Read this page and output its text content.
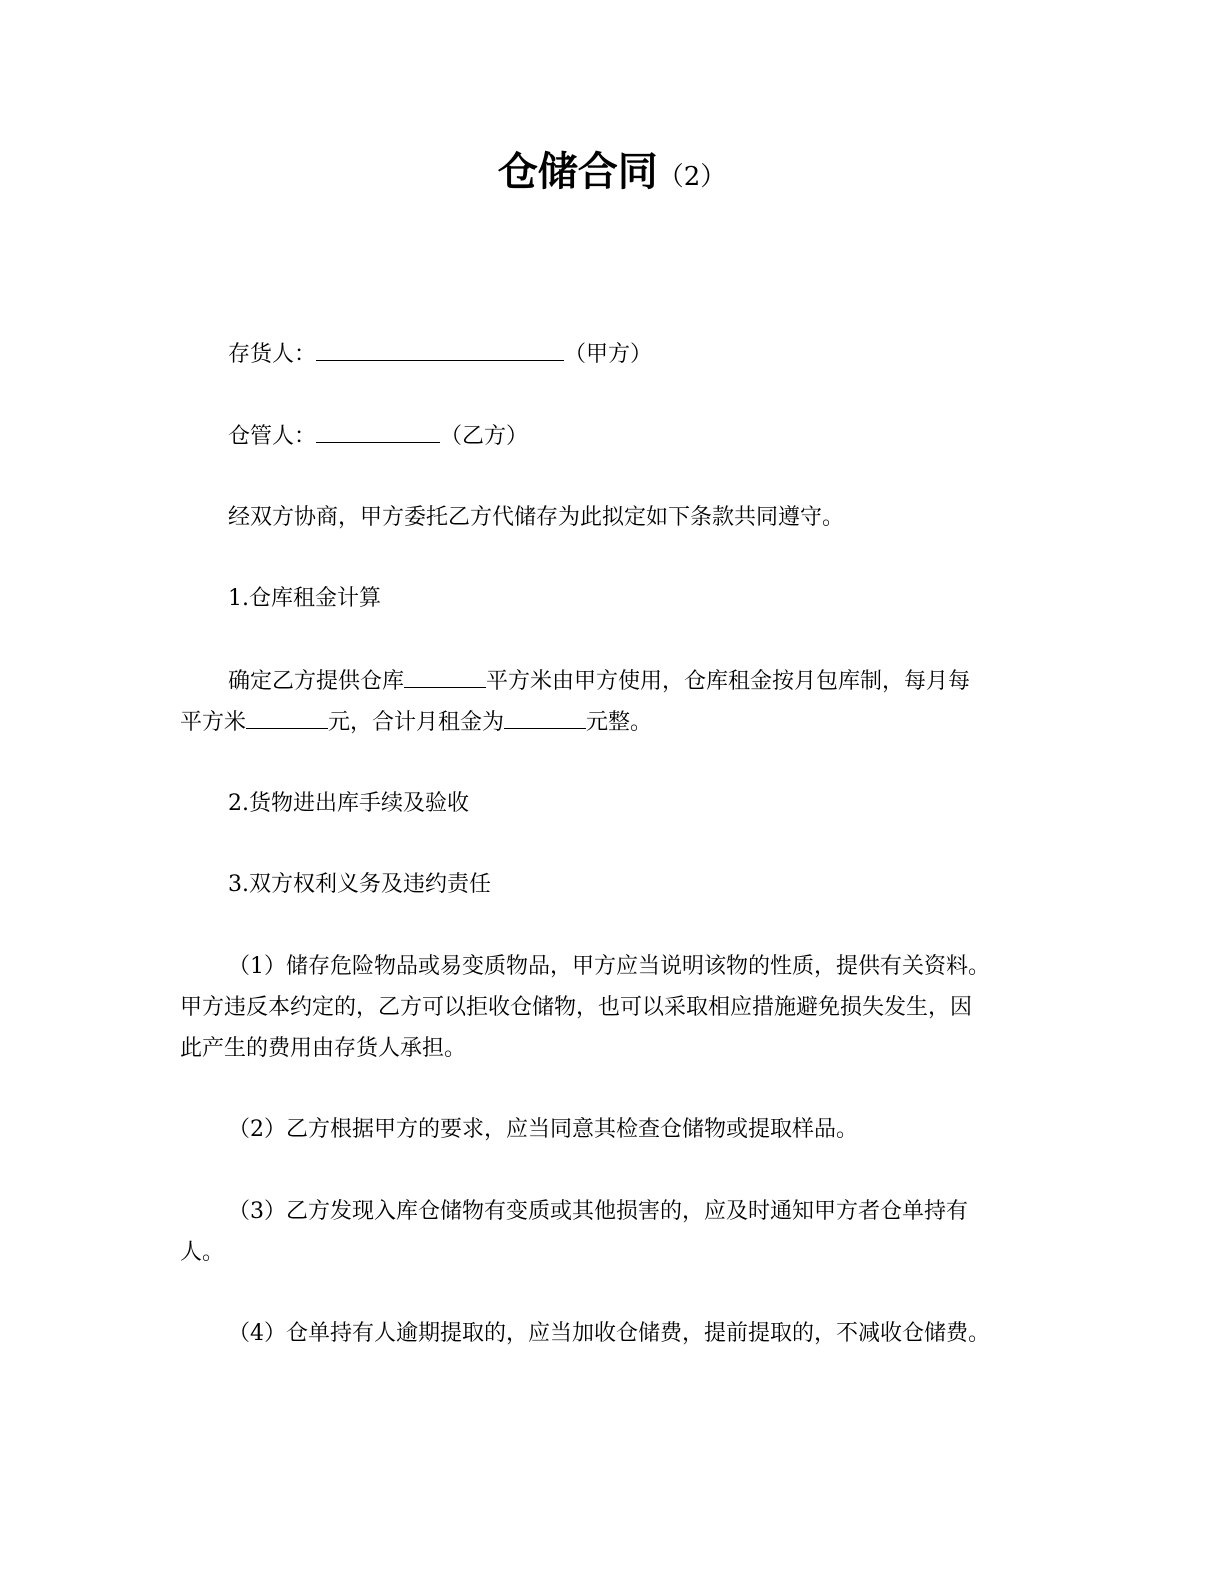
仓储合同（2）
存货人：	（甲方）
仓管人：	（乙方）
经双方协商，甲方委托乙方代储存为此拟定如下条款共同遵守。
1.仓库租金计算
确定乙方提供仓库	平方米由甲方使用，仓库租金按月包库制，每月每
平方米	元，合计月租金为	元整。
2.货物进出库手续及验收
3.双方权利义务及违约责任
（1）储存危险物品或易变质物品，甲方应当说明该物的性质，提供有关资料。
甲方违反本约定的，乙方可以拒收仓储物，也可以采取相应措施避免损失发生，因
此产生的费用由存货人承担。
（2）乙方根据甲方的要求，应当同意其检查仓储物或提取样品。
（3）乙方发现入库仓储物有变质或其他损害的，应及时通知甲方者仓单持有
人。
（4）仓单持有人逾期提取的，应当加收仓储费，提前提取的，不减收仓储费。
